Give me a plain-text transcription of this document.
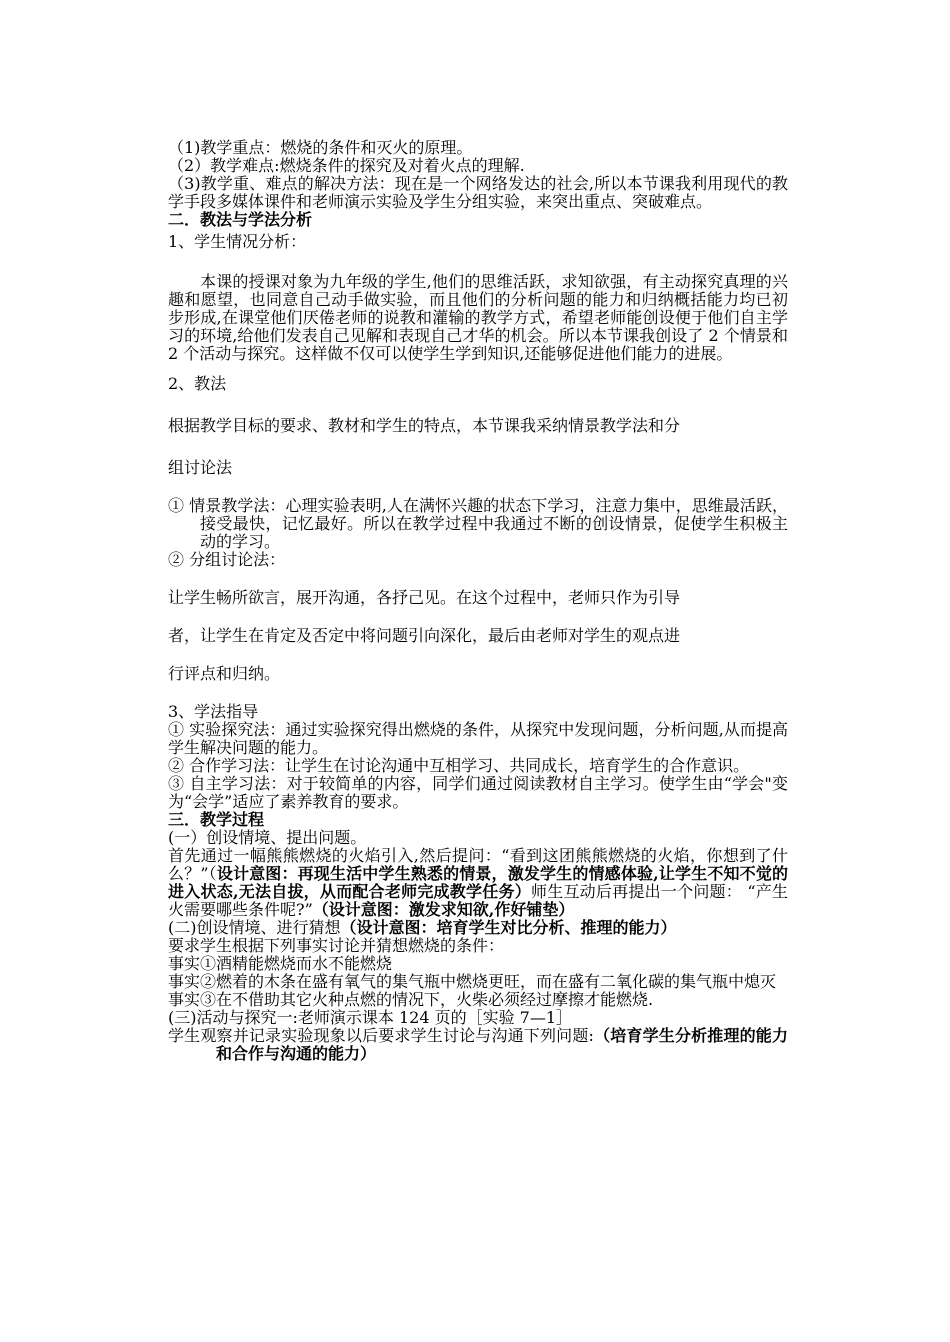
（1)教学重点：燃烧的条件和灭火的原理。

（2）教学难点:燃烧条件的探究及对着火点的理解.

（3)教学重、难点的解决方法：现在是一个网络发达的社会,所以本节课我利用现代的教学手段多媒体课件和老师演示实验及学生分组实验，来突出重点、突破难点。

二．教法与学法分析

1、学生情况分析：

本课的授课对象为九年级的学生,他们的思维活跃，求知欲强，有主动探究真理的兴趣和愿望，也同意自己动手做实验，而且他们的分析问题的能力和归纳概括能力均已初步形成,在课堂他们厌倦老师的说教和灌输的教学方式，希望老师能创设便于他们自主学习的环境,给他们发表自己见解和表现自己才华的机会。所以本节课我创设了 2 个情景和 2 个活动与探究。这样做不仅可以使学生学到知识,还能够促进他们能力的进展。

2、教法

根据教学目标的要求、教材和学生的特点，本节课我采纳情景教学法和分

组讨论法

① 情景教学法：心理实验表明,人在满怀兴趣的状态下学习，注意力集中，思维最活跃，接受最快，记忆最好。所以在教学过程中我通过不断的创设情景，促使学生积极主动的学习。

② 分组讨论法：

让学生畅所欲言，展开沟通，各抒己见。在这个过程中，老师只作为引导

者，让学生在肯定及否定中将问题引向深化，最后由老师对学生的观点进

行评点和归纳。

3、学法指导

① 实验探究法：通过实验探究得出燃烧的条件，从探究中发现问题，分析问题,从而提高学生解决问题的能力。

② 合作学习法：让学生在讨论沟通中互相学习、共同成长，培育学生的合作意识。

③ 自主学习法：对于较简单的内容，同学们通过阅读教材自主学习。使学生由“学会"变为“会学”适应了素养教育的要求。

三．教学过程

(一）创设情境、提出问题。

首先通过一幅熊熊燃烧的火焰引入,然后提问：“看到这团熊熊燃烧的火焰，你想到了什么？”（设计意图：再现生活中学生熟悉的情景，激发学生的情感体验,让学生不知不觉的进入状态,无法自拔，从而配合老师完成教学任务）师生互动后再提出一个问题： “产生火需要哪些条件呢?”（设计意图：激发求知欲,作好铺垫）

(二)创设情境、进行猜想（设计意图：培育学生对比分析、推理的能力）

要求学生根据下列事实讨论并猜想燃烧的条件：

事实①酒精能燃烧而水不能燃烧

事实②燃着的木条在盛有氧气的集气瓶中燃烧更旺，而在盛有二氧化碳的集气瓶中熄灭

事实③在不借助其它火种点燃的情况下，火柴必须经过摩擦才能燃烧.

(三)活动与探究一:老师演示课本 124 页的［实验 7—1］

学生观察并记录实验现象以后要求学生讨论与沟通下列问题:（培育学生分析推理的能力和合作与沟通的能力）
